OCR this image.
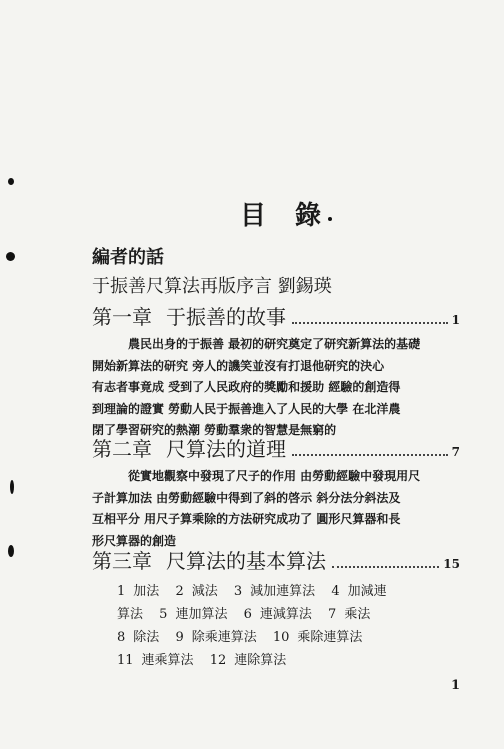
目 錄
編者的話
于振善尺算法再版序言 劉錫瑛
第一章 于振善的故事	1
農民出身的于振善 最初的研究奠定了研究新算法的基礎
開始新算法的研究 旁人的譏笑並沒有打退他研究的決心
有志者事竟成 受到了人民政府的獎勵和援助 經驗的創造得
到理論的證實 勞動人民于振善進入了人民的大學 在北洋農
閉了學習研究的熱潮 勞動羣衆的智慧是無窮的
第二章 尺算法的道理	7
從實地觀察中發現了尺子的作用 由勞動經驗中發現用尺
子計算加法 由勞動經驗中得到了斜的啓示 斜分法分斜法及
互相平分 用尺子算乘除的方法研究成功了 圓形尺算器和長
形尺算器的創造
第三章 尺算法的基本算法	15
1 加法 2 減法 3 減加連算法 4 加減連
算法 5 連加算法 6 連減算法 7 乘法
8 除法 9 除乘連算法 10 乘除連算法
11 連乘算法 12 連除算法
1
